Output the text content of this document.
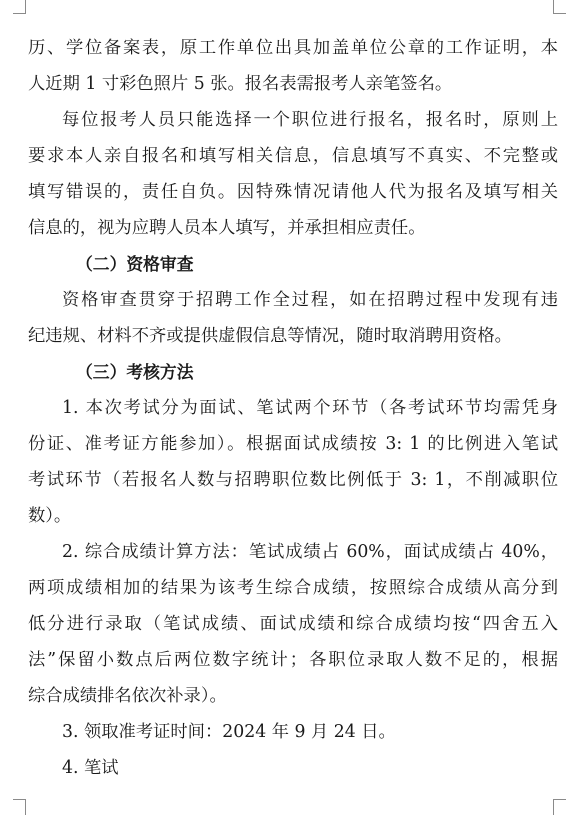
历、学位备案表，原工作单位出具加盖单位公章的工作证明，本
人近期 1 寸彩色照片 5 张。报名表需报考人亲笔签名。
每位报考人员只能选择一个职位进行报名，报名时，原则上
要求本人亲自报名和填写相关信息，信息填写不真实、不完整或
填写错误的，责任自负。因特殊情况请他人代为报名及填写相关
信息的，视为应聘人员本人填写，并承担相应责任。
（二）资格审查
资格审查贯穿于招聘工作全过程，如在招聘过程中发现有违
纪违规、材料不齐或提供虚假信息等情况，随时取消聘用资格。
（三）考核方法
1. 本次考试分为面试、笔试两个环节（各考试环节均需凭身
份证、准考证方能参加）。根据面试成绩按 3: 1 的比例进入笔试
考试环节（若报名人数与招聘职位数比例低于 3: 1，不削减职位
数）。
2. 综合成绩计算方法：笔试成绩占 60%，面试成绩占 40%，
两项成绩相加的结果为该考生综合成绩，按照综合成绩从高分到
低分进行录取（笔试成绩、面试成绩和综合成绩均按“四舍五入
法”保留小数点后两位数字统计；各职位录取人数不足的，根据
综合成绩排名依次补录）。
3. 领取准考证时间：2024 年 9 月 24 日。
4. 笔试
